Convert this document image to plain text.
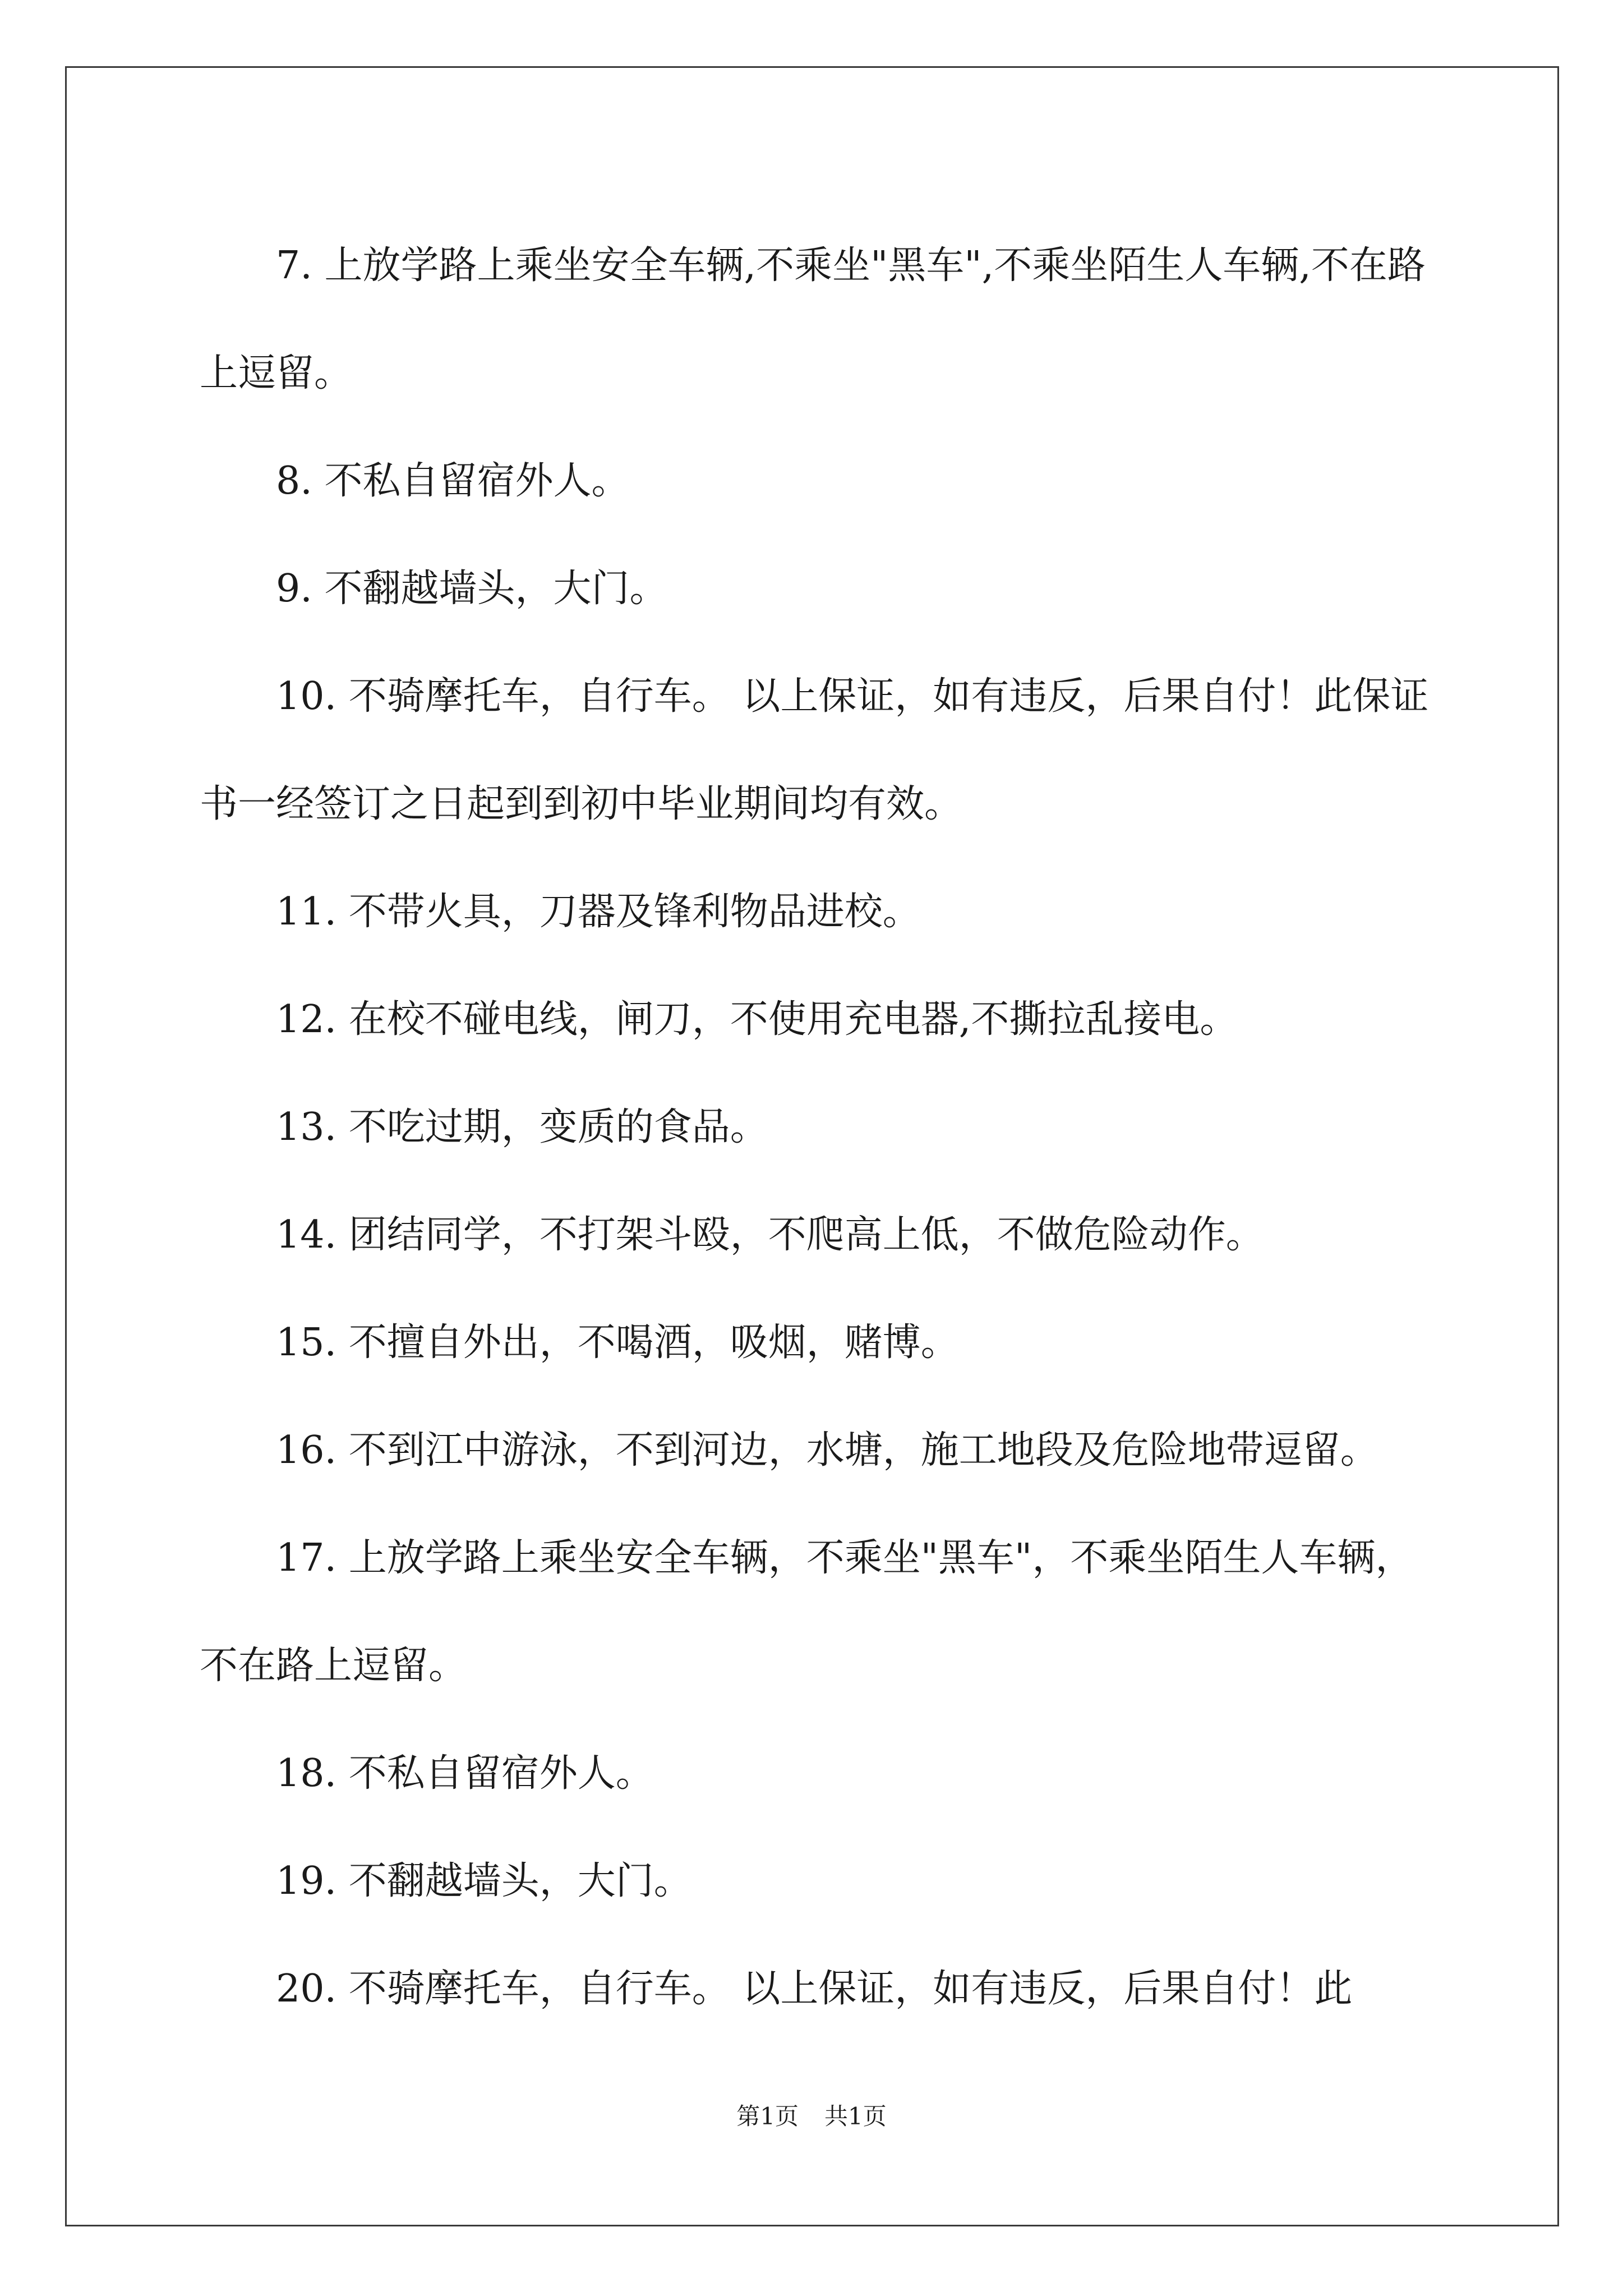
7. 上放学路上乘坐安全车辆,不乘坐"黑车",不乘坐陌生人车辆,不在路上逗留。

8. 不私自留宿外人。

9. 不翻越墙头，大门。

10. 不骑摩托车，自行车。 以上保证，如有违反，后果自付！此保证书一经签订之日起到到初中毕业期间均有效。

11. 不带火具，刀器及锋利物品进校。

12. 在校不碰电线，闸刀，不使用充电器,不撕拉乱接电。

13. 不吃过期，变质的食品。

14. 团结同学，不打架斗殴，不爬高上低，不做危险动作。

15. 不擅自外出，不喝酒，吸烟，赌博。

16. 不到江中游泳，不到河边，水塘，施工地段及危险地带逗留。

17. 上放学路上乘坐安全车辆，不乘坐"黑车"，不乘坐陌生人车辆，不在路上逗留。

18. 不私自留宿外人。

19. 不翻越墙头，大门。

20. 不骑摩托车，自行车。 以上保证，如有违反，后果自付！此

第1页 共1页
